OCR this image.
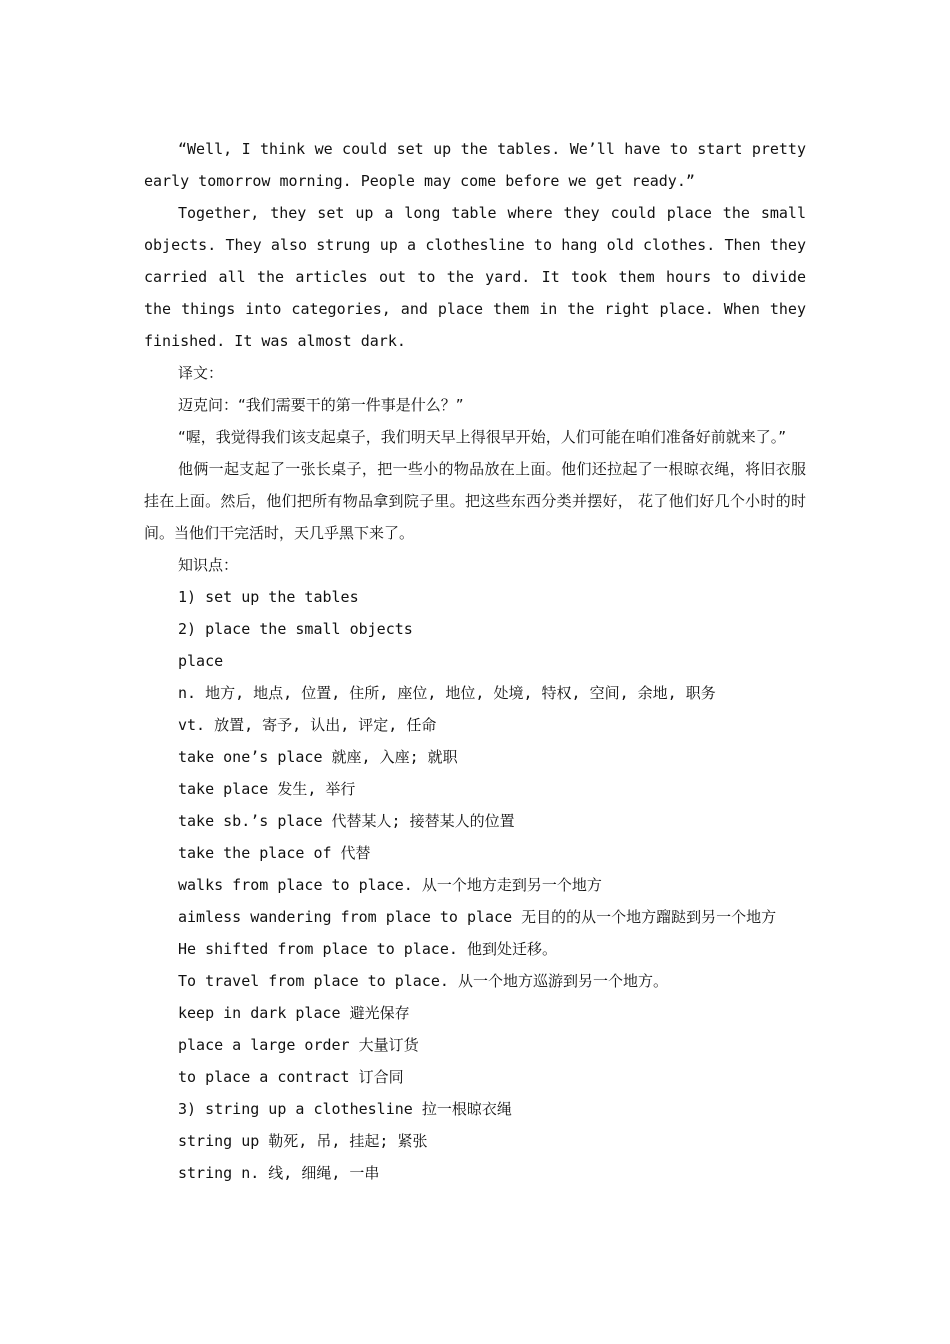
“Well, I think we could set up the tables. We’ll have to start pretty early tomorrow morning. People may come before we get ready.”

Together, they set up a long table where they could place the small objects. They also strung up a clothesline to hang old clothes. Then they carried all the articles out to the yard. It took them hours to divide the things into categories, and place them in the right place. When they finished. It was almost dark.

译文：

迈克问：“我们需要干的第一件事是什么？”

“喔，我觉得我们该支起桌子，我们明天早上得很早开始，人们可能在咱们准备好前就来了。”

他俩一起支起了一张长桌子，把一些小的物品放在上面。他们还拉起了一根晾衣绳，将旧衣服挂在上面。然后，他们把所有物品拿到院子里。把这些东西分类并摆好， 花了他们好几个小时的时间。当他们干完活时，天几乎黑下来了。

知识点：

1) set up the tables

2) place the small objects

place

n. 地方, 地点, 位置, 住所, 座位, 地位, 处境, 特权, 空间, 余地, 职务

vt. 放置, 寄予, 认出, 评定, 任命

take one’s place 就座, 入座; 就职

take place 发生, 举行

take sb.’s place 代替某人; 接替某人的位置

take the place of 代替

walks from place to place. 从一个地方走到另一个地方

aimless wandering from place to place 无目的的从一个地方蹓跶到另一个地方

He shifted from place to place. 他到处迁移。

To travel from place to place. 从一个地方巡游到另一个地方。

keep in dark place 避光保存

place a large order 大量订货

to place a contract 订合同

3) string up a clothesline 拉一根晾衣绳

string up 勒死, 吊, 挂起; 紧张

string n. 线, 细绳, 一串
